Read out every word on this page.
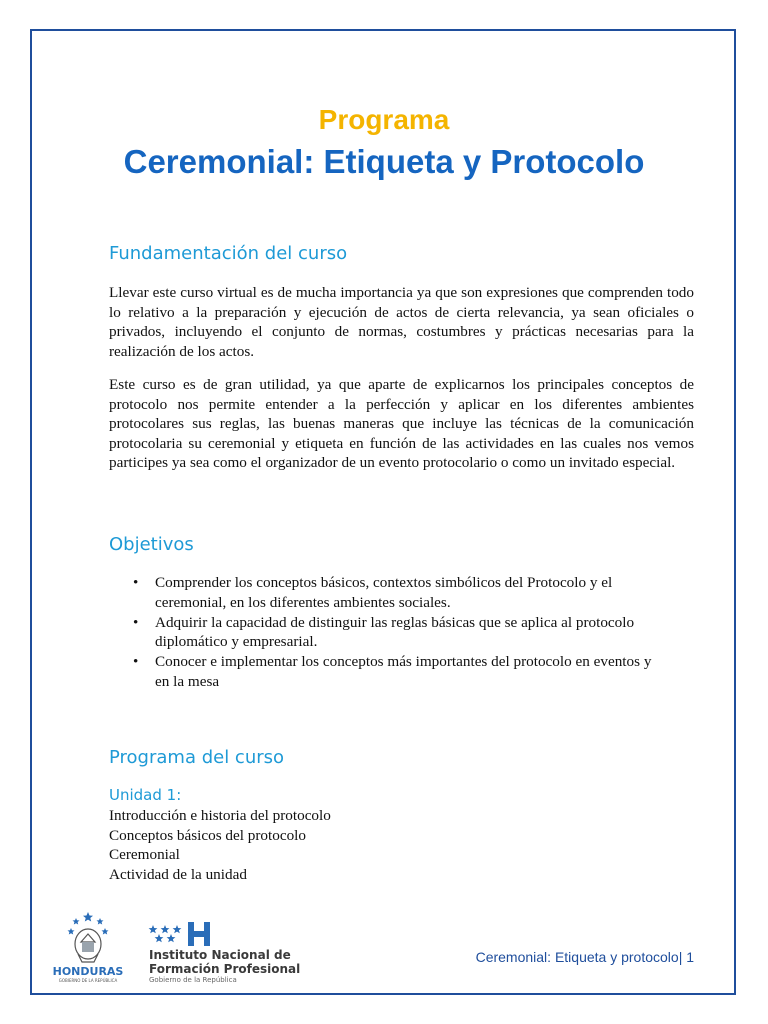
Programa
Ceremonial: Etiqueta y Protocolo
Fundamentación del curso

Llevar este curso virtual es de mucha importancia ya que son expresiones que comprenden todo lo relativo a la preparación y ejecución de actos de cierta relevancia, ya sean oficiales o privados, incluyendo el conjunto de normas, costumbres y prácticas necesarias para la realización de los actos.

Este curso es de gran utilidad, ya que aparte de explicarnos los principales conceptos de protocolo nos permite entender a la perfección y aplicar en los diferentes ambientes protocolares sus reglas, las buenas maneras que incluye las técnicas de la comunicación protocolaria su ceremonial y etiqueta en función de las actividades en las cuales nos vemos participes ya sea como el organizador de un evento protocolario o como un invitado especial.

Objetivos
• Comprender los conceptos básicos, contextos simbólicos del Protocolo y el ceremonial, en los diferentes ambientes sociales.
• Adquirir la capacidad de distinguir las reglas básicas que se aplica al protocolo diplomático y empresarial.
• Conocer e implementar los conceptos más importantes del protocolo en eventos y en la mesa
Programa del curso
Unidad 1:
Introducción e historia del protocolo
Conceptos básicos del protocolo
Ceremonial
Actividad de la unidad
HONDURAS
GOBIERNO DE LA REPÚBLICA
Instituto Nacional de
Formación Profesional
Gobierno de la República
Ceremonial: Etiqueta y protocolo| 1
